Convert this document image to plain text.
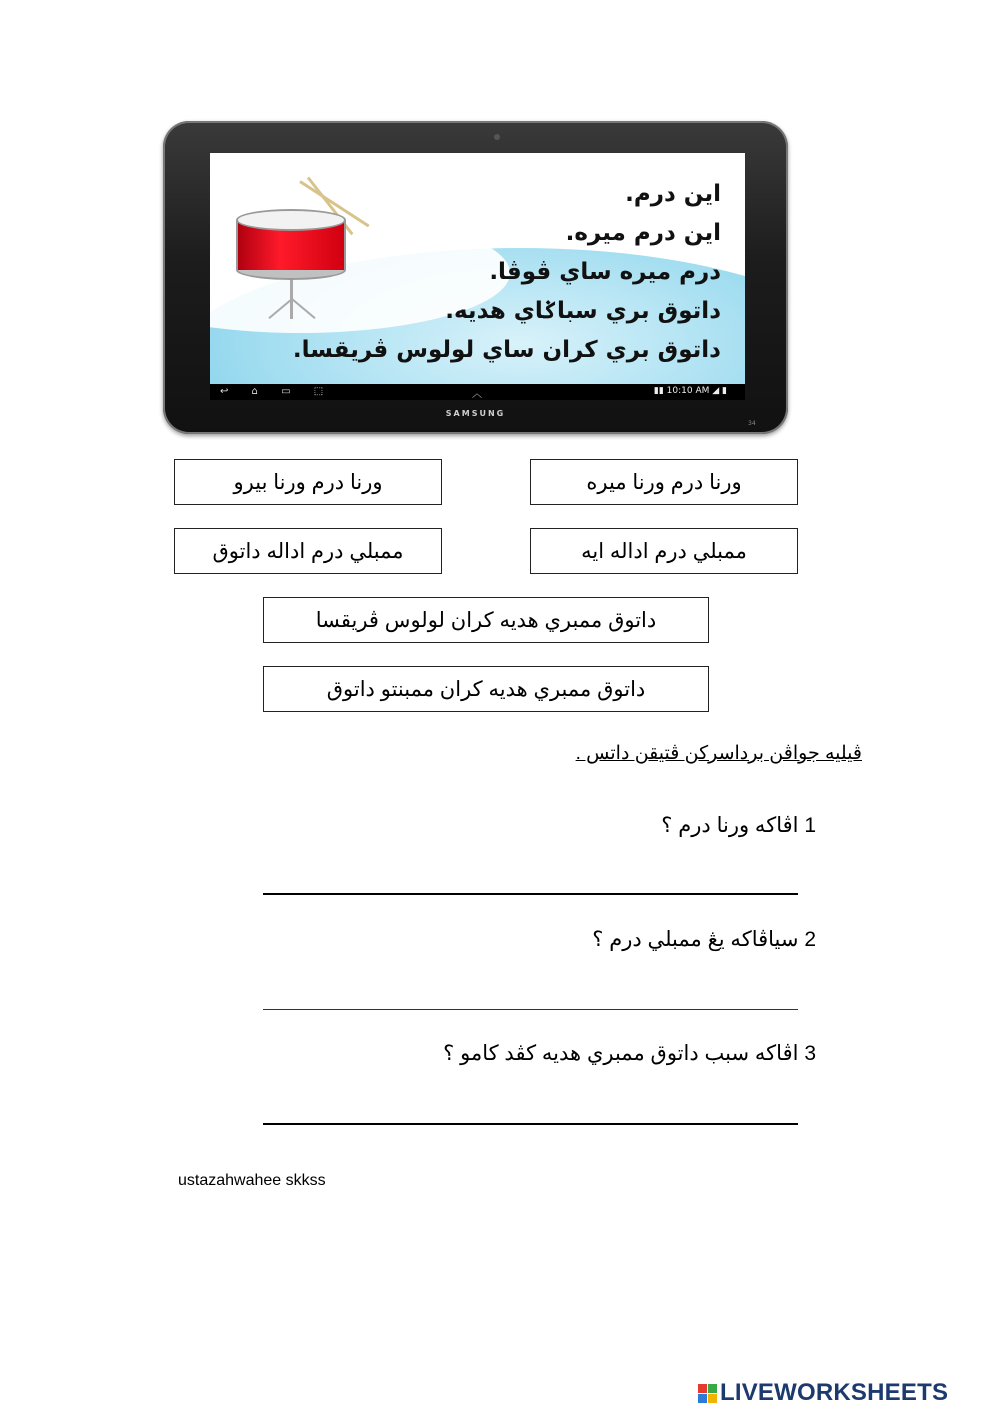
اين درم.
اين درم ميره.
درم ميره ساي ڤوڤا.
داتوق بري سباݢاي هديه.
داتوق بري كران ساي لولوس ڤريقسا.
↩ ⌂ ▭ ⬚	︿	▮▮ 10:10 AM ◢ ▮
SAMSUNG
34
ورنا درم ورنا ميره
ورنا درم ورنا بيرو
ممبلي درم اداله ايه
ممبلي درم اداله داتوق
داتوق ممبري هديه كران لولوس ڤريقسا
داتوق ممبري هديه كران ممبنتو داتوق
ڤيليه جواڤن برداسركن ڤتيقن داتس .
1 اڤاكه ورنا درم ؟
2 سياڤاكه يڠ ممبلي درم ؟
3 اڤاكه سبب داتوق ممبري هديه كڤد كامو ؟
ustazahwahee skkss
LIVEWORKSHEETS
